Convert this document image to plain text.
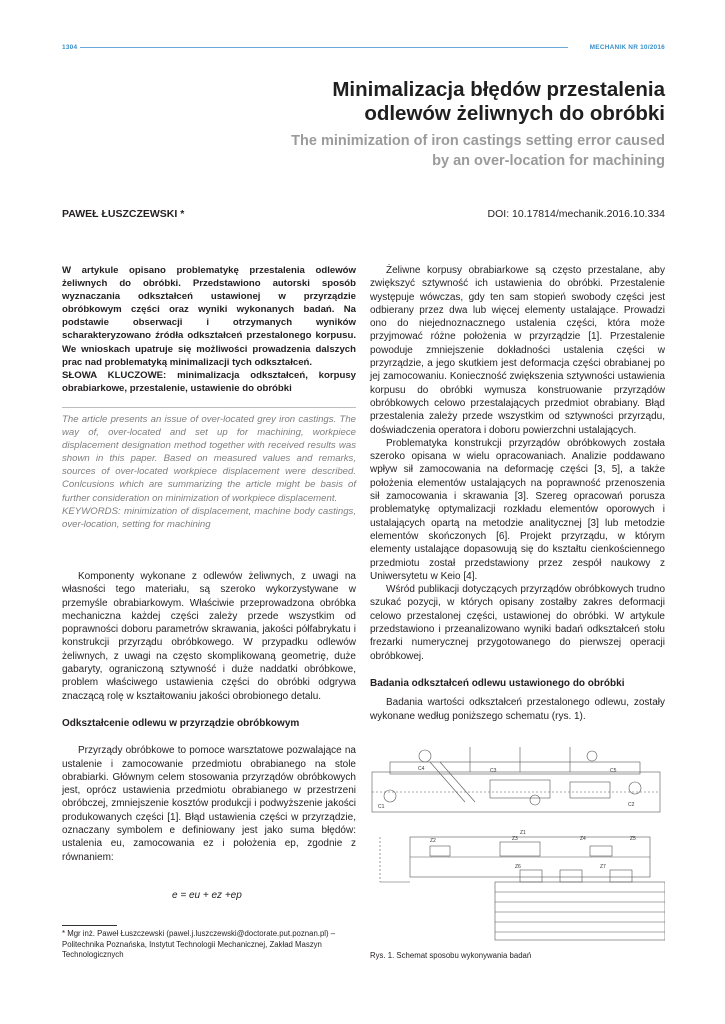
1304	MECHANIK NR 10/2016
Minimalizacja błędów przestalenia
odlewów żeliwnych do obróbki
The minimization of iron castings setting error caused
by an over-location for machining
PAWEŁ ŁUSZCZEWSKI *	DOI: 10.17814/mechanik.2016.10.334

W artykule opisano problematykę przestalenia odlewów żeliwnych do obróbki. Przedstawiono autorski sposób wyznaczania odkształceń ustawionej w przyrządzie obróbkowym części oraz wyniki wykonanych badań. Na podstawie obserwacji i otrzymanych wyników scharakteryzowano źródła odkształceń przestalonego korpusu. We wnioskach upatruje się możliwości prowadzenia dalszych prac nad problematyką minimalizacji tych odkształceń.

SŁOWA KLUCZOWE: minimalizacja odkształceń, korpusy obrabiarkowe, przestalenie, ustawienie do obróbki

The article presents an issue of over-located grey iron castings. The way of, over-located and set up for machining, workpiece displacement designation method together with received results was shown in this paper. Based on measured values and remarks, sources of over-located workpiece displacement were described. Conlcusions which are summarizing the article might be basis of further consideration on minimization of workpiece displacement.

KEYWORDS: minimization of displacement, machine body castings, over-location, setting for machining

Komponenty wykonane z odlewów żeliwnych, z uwagi na własności tego materiału, są szeroko wykorzystywane w przemyśle obrabiarkowym. Właściwie przeprowadzona obróbka mechaniczna każdej części zależy przede wszystkim od poprawności doboru parametrów skrawania, jakości półfabrykatu i konstrukcji przyrządu obróbkowego. W przypadku odlewów żeliwnych, z uwagi na często skomplikowaną geometrię, duże gabaryty, ograniczoną sztywność i duże naddatki obróbkowe, problem właściwego ustawienia części do obróbki odgrywa znaczącą rolę w kształtowaniu jakości obrobionego detalu.

Odkształcenie odlewu w przyrządzie obróbkowym

Przyrządy obróbkowe to pomoce warsztatowe pozwalające na ustalenie i zamocowanie przedmiotu obrabianego na stole obrabiarki. Głównym celem stosowania przyrządów obróbkowych jest, oprócz ustawienia przedmiotu obrabianego w przestrzeni obróbczej, zmniejszenie kosztów produkcji i podwyższenie jakości produkowanych części [1]. Błąd ustawienia części w przyrządzie, oznaczany symbolem e definiowany jest jako suma błędów: ustalenia eu, zamocowania ez i położenia ep, zgodnie z równaniem:

e = eu + ez +ep
* Mgr inż. Paweł Łuszczewski (pawel.j.luszczewski@doctorate.put.poznan.pl) – Politechnika Poznańska, Instytut Technologii Mechanicznej, Zakład Maszyn Technologicznych

Żeliwne korpusy obrabiarkowe są często przestalane, aby zwiększyć sztywność ich ustawienia do obróbki. Przestalenie występuje wówczas, gdy ten sam stopień swobody części jest odbierany przez dwa lub więcej elementy ustalające. Prowadzi ono do niejednoznacznego ustalenia części, która może przyjmować różne położenia w przyrządzie [1]. Przestalenie powoduje zmniejszenie dokładności ustalenia części w przyrządzie, a jego skutkiem jest deformacja części obrabianej po jej zamocowaniu. Konieczność zwiększenia sztywności ustawienia korpusu do obróbki wymusza konstruowanie przyrządów obróbkowych celowo przestalających przedmiot obrabiany. Błąd przestalenia zależy przede wszystkim od sztywności przyrządu, doświadczenia operatora i doboru powierzchni ustalających.

Problematyka konstrukcji przyrządów obróbkowych została szeroko opisana w wielu opracowaniach. Analizie poddawano wpływ sił zamocowania na deformację części [3, 5], a także położenia elementów ustalających na poprawność przenoszenia sił zamocowania i skrawania [3]. Szereg opracowań porusza problematykę optymalizacji rozkładu elementów oporowych i ustalających opartą na metodzie analitycznej [3] lub metodzie elementów skończonych [6]. Projekt przyrządu, w którym elementy ustalające dopasowują się do kształtu cienkościennego przedmiotu został przedstawiony przez zespół naukowy z Uniwersytetu w Keio [4].

Wśród publikacji dotyczących przyrządów obróbkowych trudno szukać pozycji, w których opisany zostałby zakres deformacji celowo przestalonej części, ustawionej do obróbki. W artykule przedstawiono i przeanalizowano wyniki badań odkształceń stołu frezarki numerycznej przygotowanego do pierwszej operacji obróbkowej.

Badania odkształceń odlewu ustawionego do obróbki

Badania wartości odkształceń przestalonego odlewu, zostały wykonane według poniższego schematu (rys. 1).

C4	C3	C5
C1	C2
Z1
Z2	Z3	Z4	Z5
Z6	Z7
Rys. 1. Schemat sposobu wykonywania badań
